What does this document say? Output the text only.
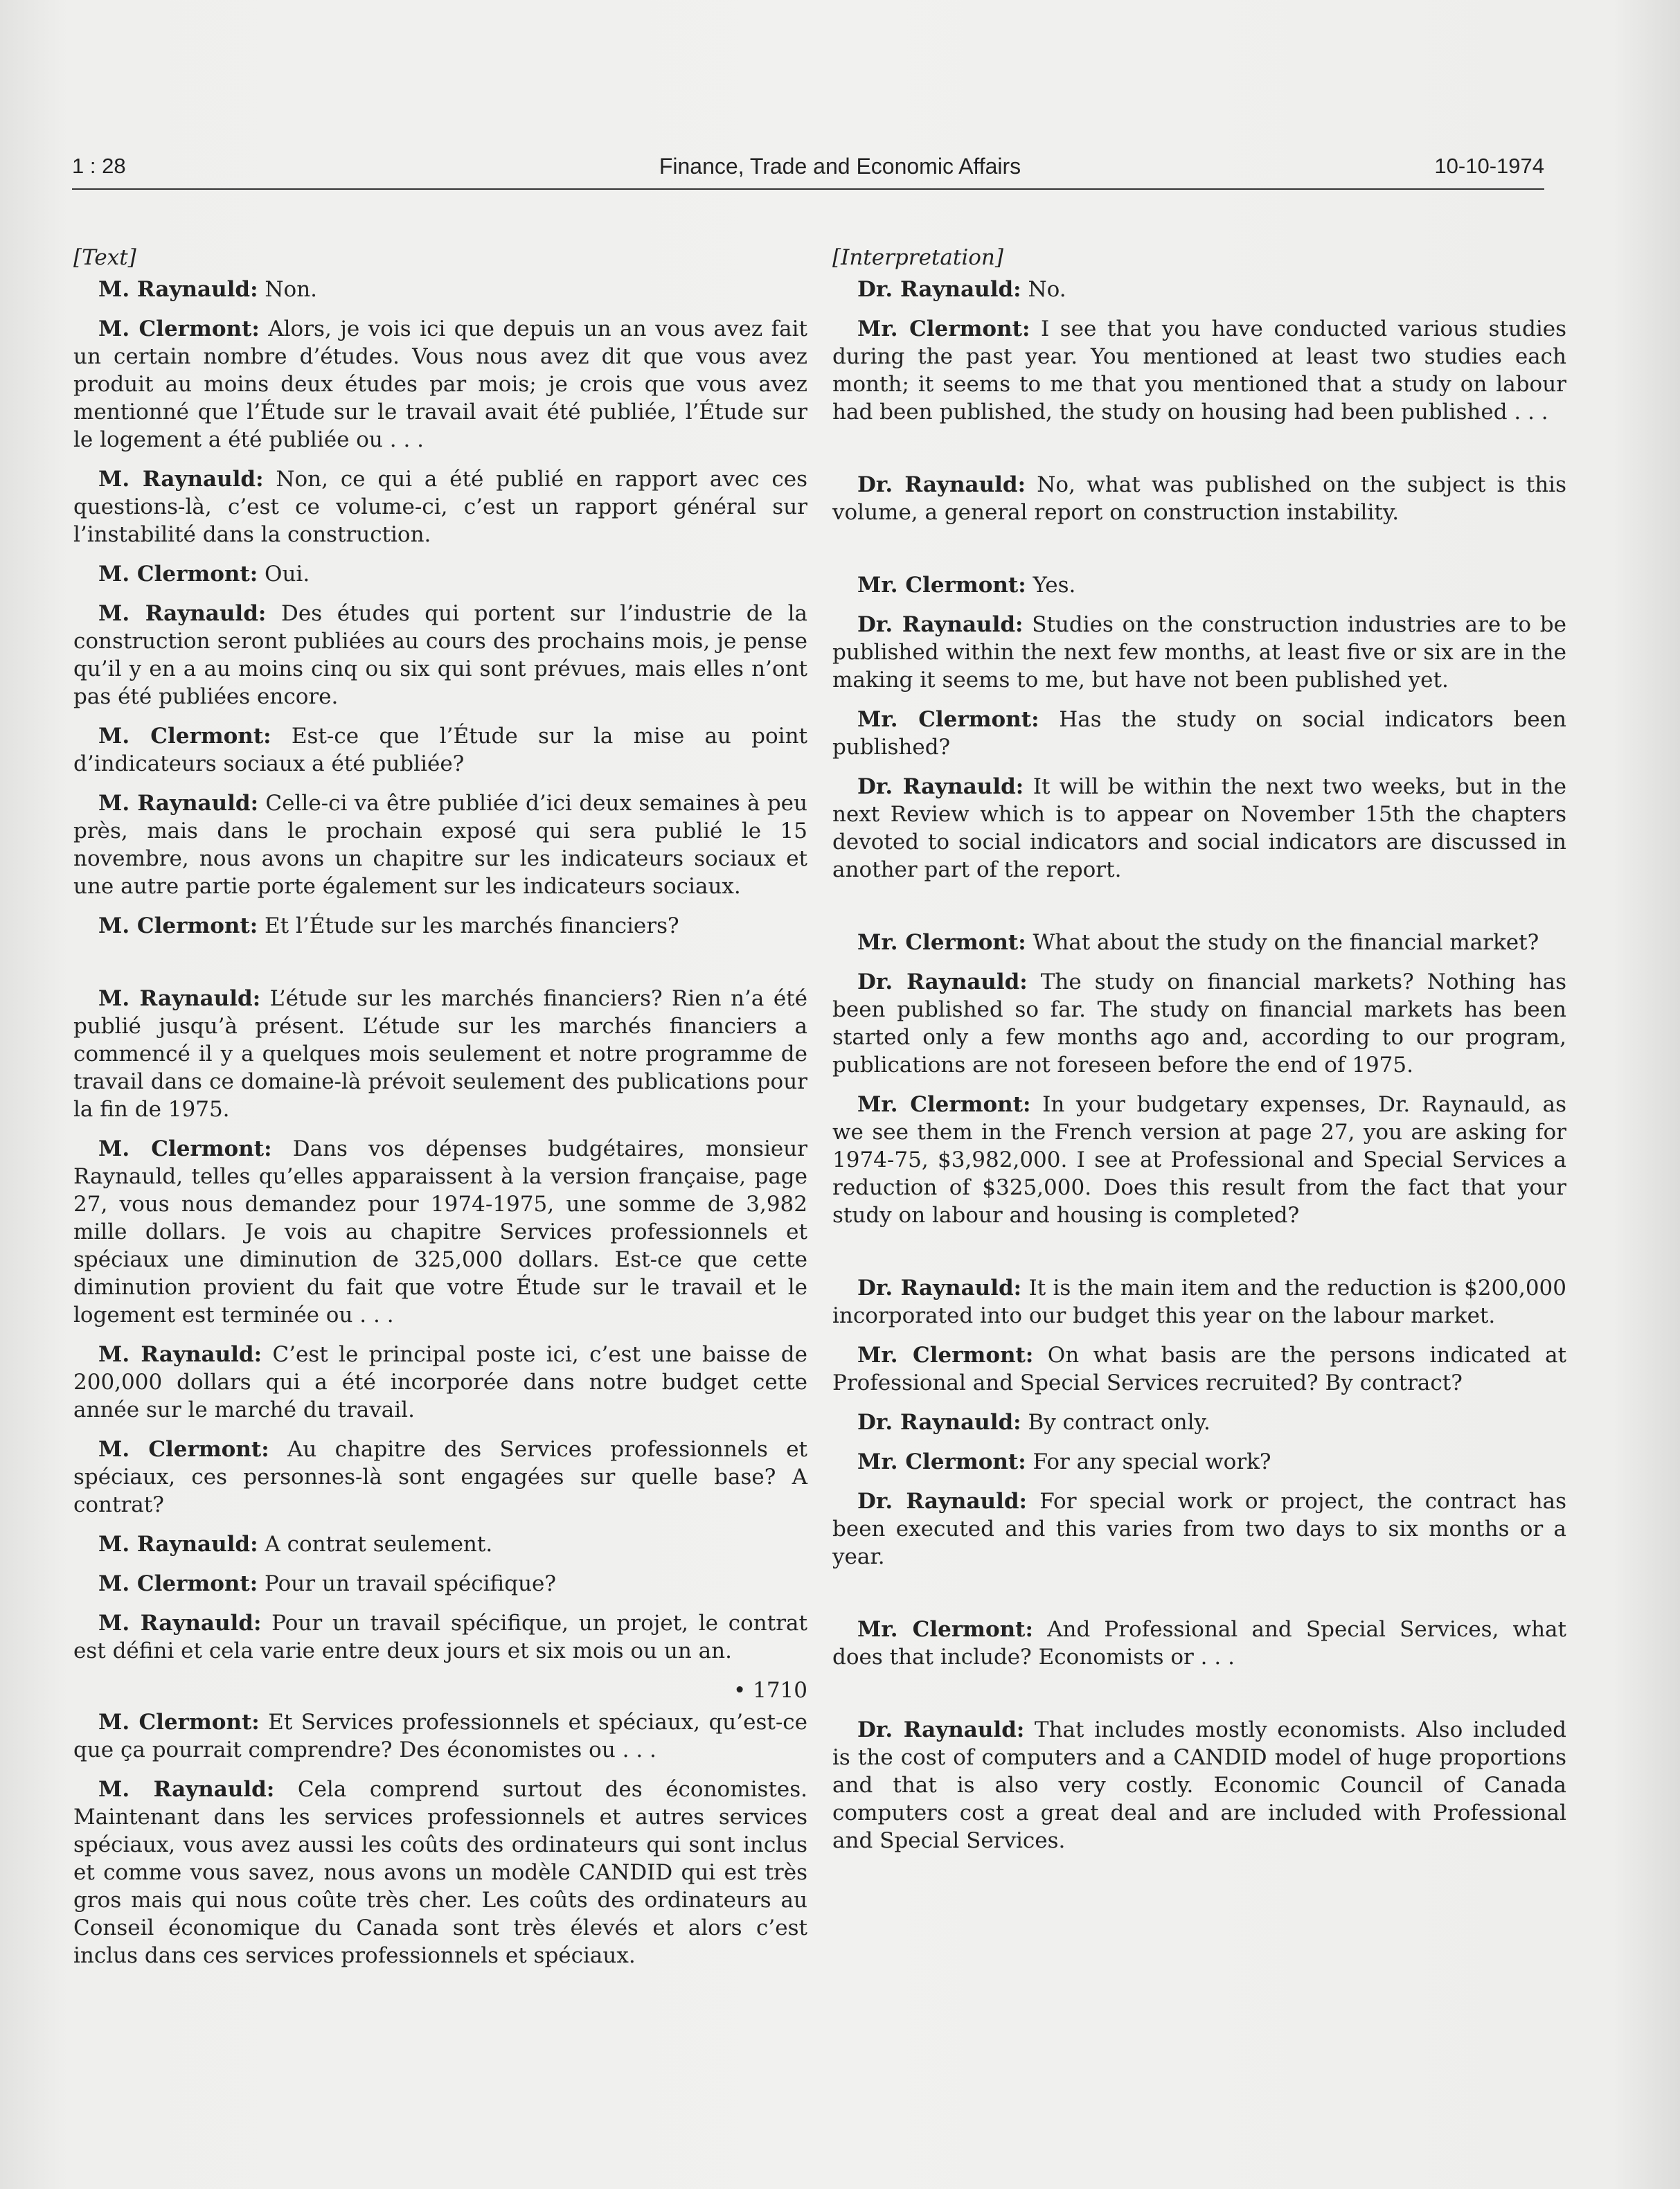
1 : 28	Finance, Trade and Economic Affairs	10-10-1974
[Text]

M. Raynauld: Non.

M. Clermont: Alors, je vois ici que depuis un an vous avez fait un certain nombre d’études. Vous nous avez dit que vous avez produit au moins deux études par mois; je crois que vous avez mentionné que l’Étude sur le travail avait été publiée, l’Étude sur le logement a été publiée ou . . .

M. Raynauld: Non, ce qui a été publié en rapport avec ces questions-là, c’est ce volume-ci, c’est un rapport général sur l’instabilité dans la construction.

M. Clermont: Oui.

M. Raynauld: Des études qui portent sur l’industrie de la construction seront publiées au cours des prochains mois, je pense qu’il y en a au moins cinq ou six qui sont prévues, mais elles n’ont pas été publiées encore.

M. Clermont: Est-ce que l’Étude sur la mise au point d’indicateurs sociaux a été publiée?

M. Raynauld: Celle-ci va être publiée d’ici deux semaines à peu près, mais dans le prochain exposé qui sera publié le 15 novembre, nous avons un chapitre sur les indicateurs sociaux et une autre partie porte également sur les indicateurs sociaux.

M. Clermont: Et l’Étude sur les marchés financiers?

M. Raynauld: L’étude sur les marchés financiers? Rien n’a été publié jusqu’à présent. L’étude sur les marchés financiers a commencé il y a quelques mois seulement et notre programme de travail dans ce domaine-là prévoit seulement des publications pour la fin de 1975.

M. Clermont: Dans vos dépenses budgétaires, monsieur Raynauld, telles qu’elles apparaissent à la version française, page 27, vous nous demandez pour 1974-1975, une somme de 3,982 mille dollars. Je vois au chapitre Services professionnels et spéciaux une diminution de 325,000 dollars. Est-ce que cette diminution provient du fait que votre Étude sur le travail et le logement est terminée ou . . .

M. Raynauld: C’est le principal poste ici, c’est une baisse de 200,000 dollars qui a été incorporée dans notre budget cette année sur le marché du travail.

M. Clermont: Au chapitre des Services professionnels et spéciaux, ces personnes-là sont engagées sur quelle base? A contrat?

M. Raynauld: A contrat seulement.

M. Clermont: Pour un travail spécifique?

M. Raynauld: Pour un travail spécifique, un projet, le contrat est défini et cela varie entre deux jours et six mois ou un an.

• 1710

M. Clermont: Et Services professionnels et spéciaux, qu’est-ce que ça pourrait comprendre? Des économistes ou . . .

M. Raynauld: Cela comprend surtout des économistes. Maintenant dans les services professionnels et autres services spéciaux, vous avez aussi les coûts des ordinateurs qui sont inclus et comme vous savez, nous avons un modèle CANDID qui est très gros mais qui nous coûte très cher. Les coûts des ordinateurs au Conseil économique du Canada sont très élevés et alors c’est inclus dans ces services professionnels et spéciaux.

[Interpretation]

Dr. Raynauld: No.

Mr. Clermont: I see that you have conducted various studies during the past year. You mentioned at least two studies each month; it seems to me that you mentioned that a study on labour had been published, the study on housing had been published . . .

Dr. Raynauld: No, what was published on the subject is this volume, a general report on construction instability.

Mr. Clermont: Yes.

Dr. Raynauld: Studies on the construction industries are to be published within the next few months, at least five or six are in the making it seems to me, but have not been published yet.

Mr. Clermont: Has the study on social indicators been published?

Dr. Raynauld: It will be within the next two weeks, but in the next Review which is to appear on November 15th the chapters devoted to social indicators and social indicators are discussed in another part of the report.

Mr. Clermont: What about the study on the financial market?

Dr. Raynauld: The study on financial markets? Nothing has been published so far. The study on financial markets has been started only a few months ago and, according to our program, publications are not foreseen before the end of 1975.

Mr. Clermont: In your budgetary expenses, Dr. Raynauld, as we see them in the French version at page 27, you are asking for 1974-75, $3,982,000. I see at Professional and Special Services a reduction of $325,000. Does this result from the fact that your study on labour and housing is completed?

Dr. Raynauld: It is the main item and the reduction is $200,000 incorporated into our budget this year on the labour market.

Mr. Clermont: On what basis are the persons indicated at Professional and Special Services recruited? By contract?

Dr. Raynauld: By contract only.

Mr. Clermont: For any special work?

Dr. Raynauld: For special work or project, the contract has been executed and this varies from two days to six months or a year.

Mr. Clermont: And Professional and Special Services, what does that include? Economists or . . .

Dr. Raynauld: That includes mostly economists. Also included is the cost of computers and a CANDID model of huge proportions and that is also very costly. Economic Council of Canada computers cost a great deal and are included with Professional and Special Services.
